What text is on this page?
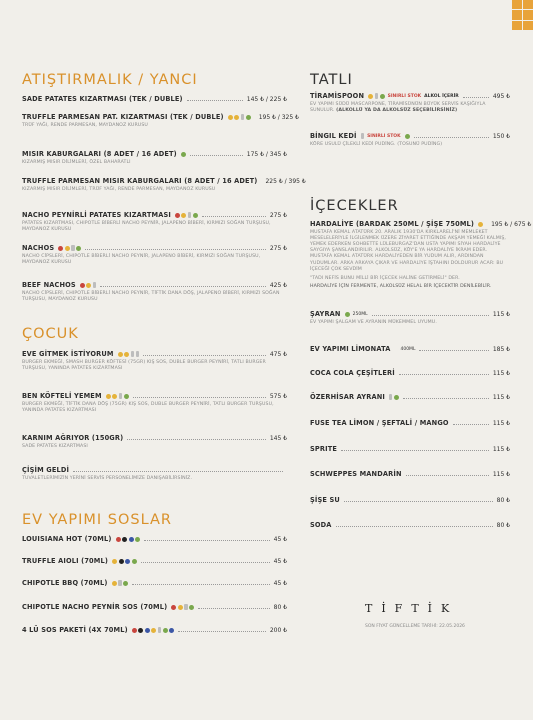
ATIŞTIRMALIK / YANCI
SADE PATATES KIZARTMASI (TEK / DUBLE)	145 ₺ / 225 ₺
TRUFFLE PARMESAN PAT. KIZARTMASI (TEK / DUBLE)	195 ₺ / 325 ₺
TRÜF YAĞI, RENDE PARMESAN, MAYDANOZ KURUSU
MISIR KABURGALARI (8 ADET / 16 ADET)	175 ₺ / 345 ₺
KIZARMIŞ MISIR DİLİMLERİ, ÖZEL BAHARATLI
TRUFFLE PARMESAN MISIR KABURGALARI (8 ADET / 16 ADET) 225 ₺ / 395 ₺
KIZARMIŞ MISIR DİLİMLERİ, TRÜF YAĞI, RENDE PARMESAN, MAYDANOZ KURUSU
NACHO PEYNİRLİ PATATES KIZARTMASI	275 ₺
PATATES KIZARTMASI, CHIPOTLE BİBERLİ NACHO PEYNİR, JALAPENO BİBERİ, KIRMIZI SOĞAN TURŞUSU, MAYDANOZ KURUSU
NACHOS	275 ₺
NACHO CİPSLERİ, CHIPOTLE BİBERLİ NACHO PEYNİR, JALAPENO BİBERİ, KIRMIZI SOĞAN TURŞUSU, MAYDANOZ KURUSU
BEEF NACHOS	425 ₺
NACHO CİPSLERİ, CHIPOTLE BİBERLİ NACHO PEYNİR, TİFTİK DANA DÖŞ, JALAPENO BİBERİ, KIRMIZI SOĞAN TURŞUSU, MAYDANOZ KURUSU
ÇOCUK
EVE GİTMEK İSTİYORUM	475 ₺
BURGER EKMEĞİ, SMASH BURGER KÖFTESİ (75GR) KIŞ SOS, DUBLE BURGER PEYNİRİ, TATLI BURGER TURŞUSU, YANINDA PATATES KIZARTMASI
BEN KÖFTELİ YEMEM	575 ₺
BURGER EKMEĞİ, TİFTİK DANA DÖŞ (75GR) KIŞ SOS, DUBLE BURGER PEYNİRİ, TATLI BURGER TURŞUSU, YANINDA PATATES KIZARTMASI
KARNIM AĞRIYOR (150GR)	145 ₺
SADE PATATES KIZARTMASI
ÇİŞİM GELDİ
TUVALETLERİMİZİN YERİNİ SERVİS PERSONELİMİZE DANIŞABİLİRSİNİZ.
EV YAPIMI SOSLAR
LOUISIANA HOT (70ML)	45 ₺
TRUFFLE AIOLI (70ML)	45 ₺
CHIPOTLE BBQ (70ML)	45 ₺
CHIPOTLE NACHO PEYNİR SOS (70ML)	80 ₺
4 LÜ SOS PAKETİ (4X 70ML)	200 ₺
TATLI
TİRAMİSPOON	SINIRLI STOK ALKOL İÇERİR	495 ₺
EV YAPIMI SÜDÜ MASCARPONE, TİRAMİSÜNÜN BÜYÜK SERVİS KAŞIĞIYLA SUNULUR. (ALKOLLÜ YA DA ALKOLSÜZ SEÇEBİLİRSİNİZ)
BİNGIL KEDİ SINIRLI STOK	150 ₺
KÖRE USULÜ ÇİLEKLİ KEDİ PUDİNG. (TOSUNÜ PUDİNG)
İÇECEKLER
HARDALİYE (BARDAK 250ML / ŞİŞE 750ML)	195 ₺ / 675 ₺
MUSTAFA KEMAL ATATÜRK 20. ARALIK 1930'DA KIRKLARELİ'Nİ MEMLEKET MESELELERİYLE İLGİLENMEK ÜZERE ZİYARET ETTİĞİNDE AKŞAM YEMEĞİ KALMIŞ, YEMEK EDERKEN SOHBETTE LÜLEBURGAZ'DAN USTA YAPIMI SİYAH HARDALİYE SAYGIYA ŞANSLANDIRILIR. ALKOLSÜZ, KÖY'E YA HARDALİYE İKRAM EDER. MUSTAFA KEMAL ATATÜRK HARDALİYEDEN BİR YUDUM ALIR, ARDINDAN YUDUMLAR. ARKA ARKAYA ÇIKAR VE HARDALİYE İŞTAHINI DOLDURUR ACAR: BU İÇECEĞİ ÇOK SEVDİM
"TADI NEFİS BUNU MİLLİ BİR İÇECEK HALİNE GETİRMELİ" DER.
HARDALİYE İÇİN FERMENTE, ALKOLSÜZ HELAL BİR İÇECEKTİR DENİLEBİLİR.
ŞAYRAN	250ML	115 ₺
EV YAPIMI ŞALGAM VE AYRANIN MÜKEMMEL UYUMU.
EV YAPIMI LİMONATA 400ML	185 ₺
COCA COLA ÇEŞİTLERİ	115 ₺
ÖZERHİSAR AYRANI	115 ₺
FUSE TEA LİMON / ŞEFTALİ / MANGO	115 ₺
SPRITE	115 ₺
SCHWEPPES MANDARİN	115 ₺
ŞİŞE SU	80 ₺
SODA	80 ₺
TİFTİK
SON FİYAT GÜNCELLEME TARİHİ: 22.05.2026
